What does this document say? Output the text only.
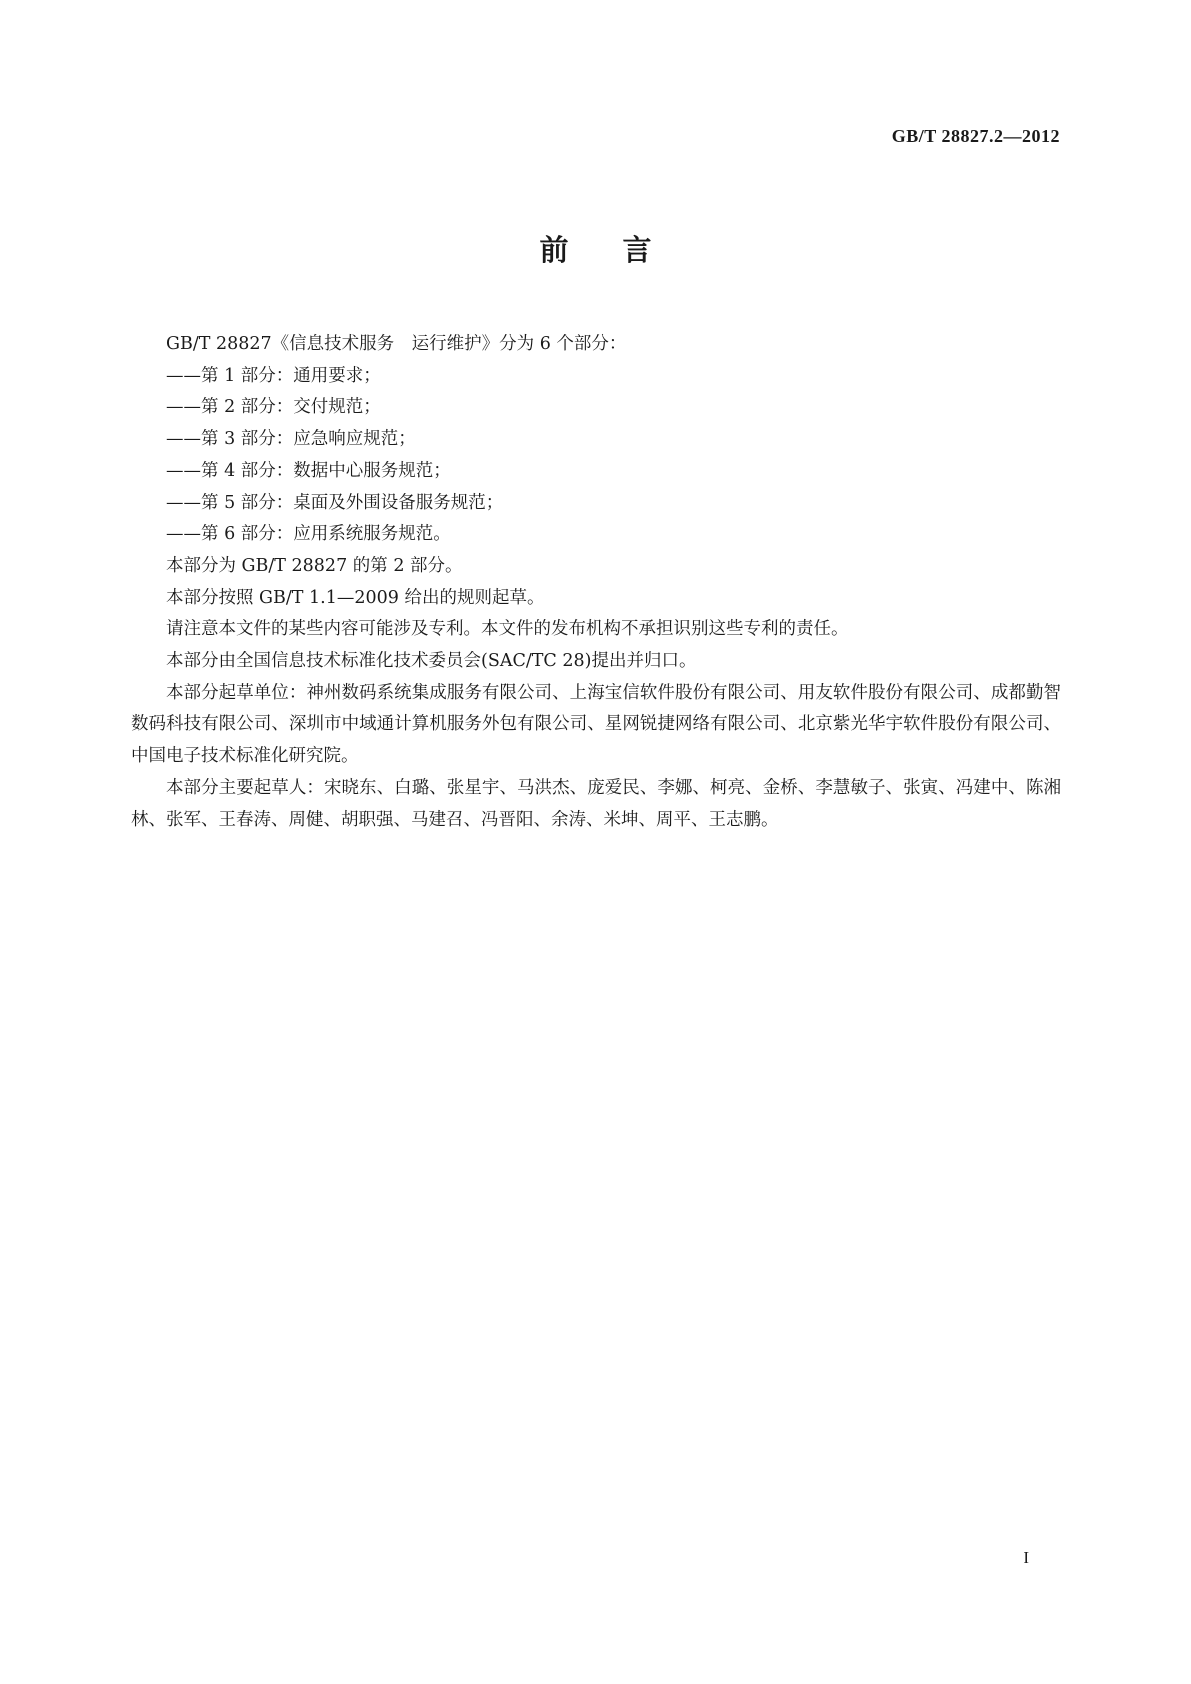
GB/T 28827.2—2012
前言

GB/T 28827《信息技术服务　运行维护》分为 6 个部分：

——第 1 部分：通用要求；
——第 2 部分：交付规范；
——第 3 部分：应急响应规范；
——第 4 部分：数据中心服务规范；
——第 5 部分：桌面及外围设备服务规范；
——第 6 部分：应用系统服务规范。

本部分为 GB/T 28827 的第 2 部分。

本部分按照 GB/T 1.1—2009 给出的规则起草。

请注意本文件的某些内容可能涉及专利。本文件的发布机构不承担识别这些专利的责任。

本部分由全国信息技术标准化技术委员会(SAC/TC 28)提出并归口。

本部分起草单位：神州数码系统集成服务有限公司、上海宝信软件股份有限公司、用友软件股份有限公司、成都勤智数码科技有限公司、深圳市中域通计算机服务外包有限公司、星网锐捷网络有限公司、北京紫光华宇软件股份有限公司、中国电子技术标准化研究院。

本部分主要起草人：宋晓东、白璐、张星宇、马洪杰、庞爱民、李娜、柯亮、金桥、李慧敏子、张寅、冯建中、陈湘林、张军、王春涛、周健、胡职强、马建召、冯晋阳、余涛、米坤、周平、王志鹏。

I
